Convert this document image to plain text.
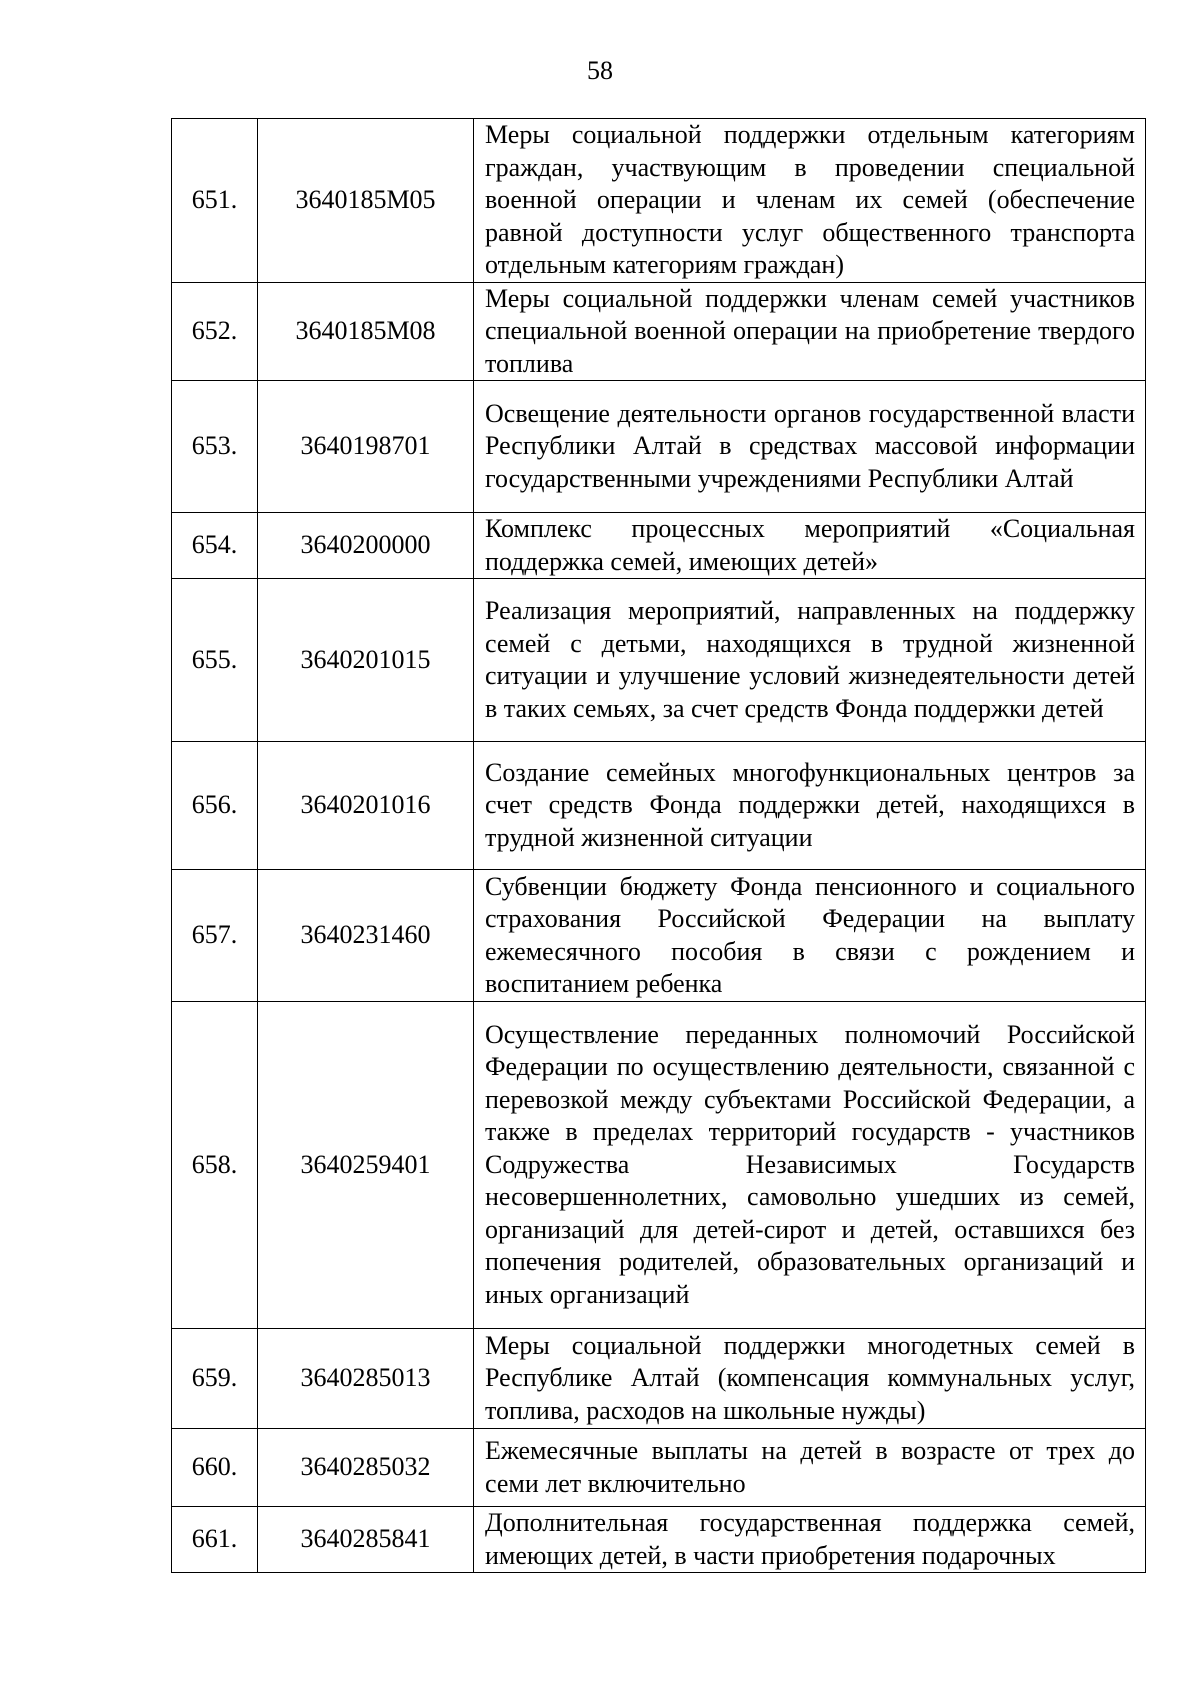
58
651.	3640185М05	Меры социальной поддержки отдельным категориям граждан, участвующим в проведении специальной военной операции и членам их семей (обеспечение равной доступности услуг общественного транспорта отдельным категориям граждан)
652.	3640185М08	Меры социальной поддержки членам семей участников специальной военной операции на приобретение твердого топлива
653.	3640198701	Освещение деятельности органов государственной власти Республики Алтай в средствах массовой информации государственными учреждениями Республики Алтай
654.	3640200000	Комплекс процессных мероприятий «Социальная поддержка семей, имеющих детей»
655.	3640201015	Реализация мероприятий, направленных на поддержку семей с детьми, находящихся в трудной жизненной ситуации и улучшение условий жизнедеятельности детей в таких семьях, за счет средств Фонда поддержки детей
656.	3640201016	Создание семейных многофункциональных центров за счет средств Фонда поддержки детей, находящихся в трудной жизненной ситуации
657.	3640231460	Субвенции бюджету Фонда пенсионного и социального страхования Российской Федерации на выплату ежемесячного пособия в связи с рождением и воспитанием ребенка
658.	3640259401	Осуществление переданных полномочий Российской Федерации по осуществлению деятельности, связанной с перевозкой между субъектами Российской Федерации, а также в пределах территорий государств - участников Содружества Независимых Государств несовершеннолетних, самовольно ушедших из семей, организаций для детей-сирот и детей, оставшихся без попечения родителей, образовательных организаций и иных организаций
659.	3640285013	Меры социальной поддержки многодетных семей в Республике Алтай (компенсация коммунальных услуг, топлива, расходов на школьные нужды)
660.	3640285032	Ежемесячные выплаты на детей в возрасте от трех до семи лет включительно
661.	3640285841	Дополнительная государственная поддержка семей, имеющих детей, в части приобретения подарочных
